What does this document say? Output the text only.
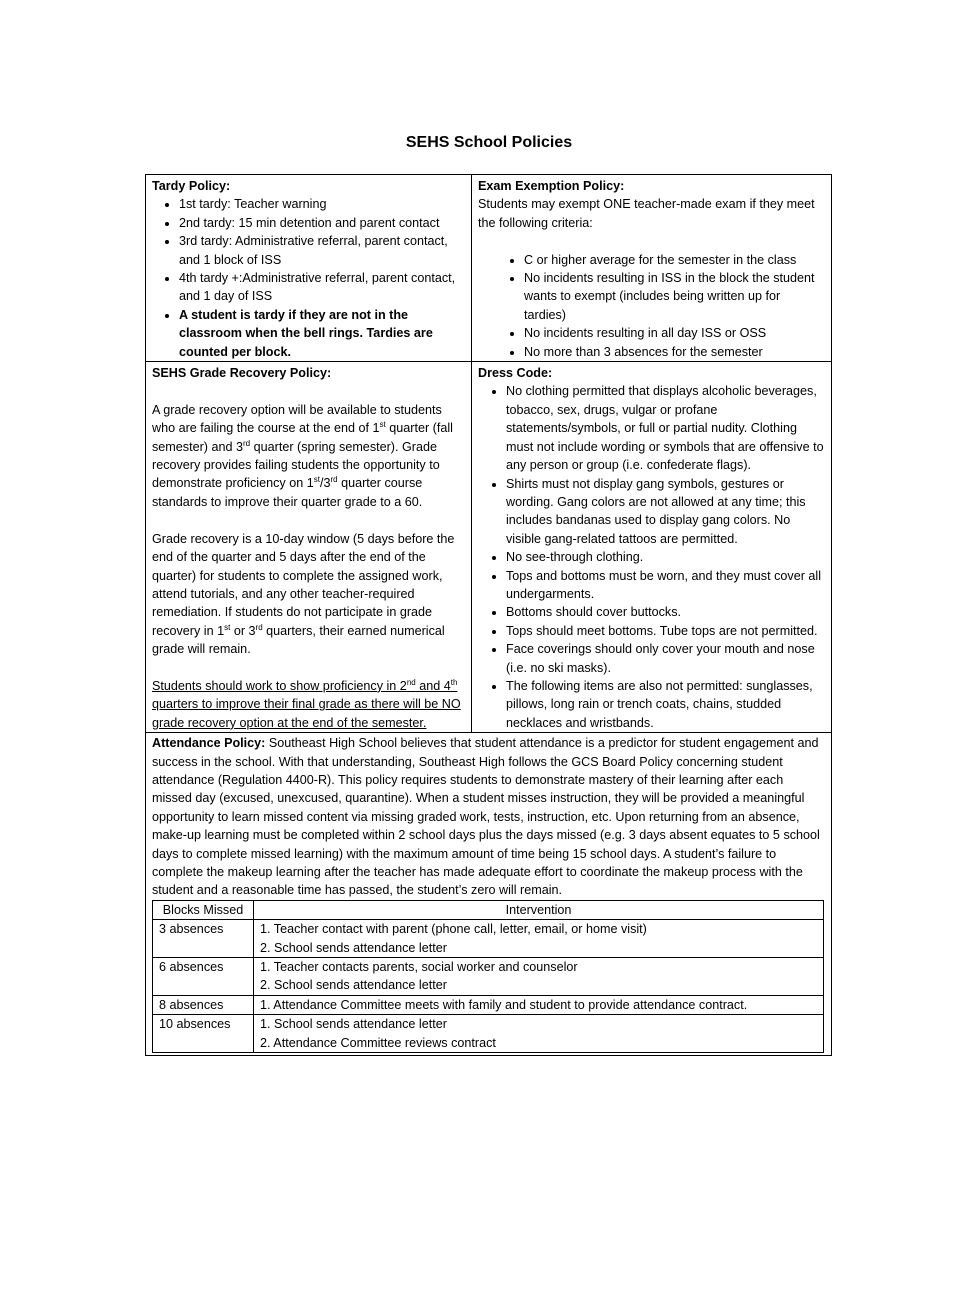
SEHS School Policies
Tardy Policy:
• 1st tardy: Teacher warning
• 2nd tardy: 15 min detention and parent contact
• 3rd tardy: Administrative referral, parent contact, and 1 block of ISS
• 4th tardy +:Administrative referral, parent contact, and 1 day of ISS
• A student is tardy if they are not in the classroom when the bell rings. Tardies are counted per block.
Exam Exemption Policy:
Students may exempt ONE teacher-made exam if they meet the following criteria:
• C or higher average for the semester in the class
• No incidents resulting in ISS in the block the student wants to exempt (includes being written up for tardies)
• No incidents resulting in all day ISS or OSS
• No more than 3 absences for the semester
SEHS Grade Recovery Policy:
A grade recovery option will be available to students who are failing the course at the end of 1st quarter (fall semester) and 3rd quarter (spring semester). Grade recovery provides failing students the opportunity to demonstrate proficiency on 1st/3rd quarter course standards to improve their quarter grade to a 60.
Grade recovery is a 10-day window (5 days before the end of the quarter and 5 days after the end of the quarter) for students to complete the assigned work, attend tutorials, and any other teacher-required remediation. If students do not participate in grade recovery in 1st or 3rd quarters, their earned numerical grade will remain.
Students should work to show proficiency in 2nd and 4th quarters to improve their final grade as there will be NO grade recovery option at the end of the semester.
Dress Code:
• No clothing permitted that displays alcoholic beverages, tobacco, sex, drugs, vulgar or profane statements/symbols, or full or partial nudity. Clothing must not include wording or symbols that are offensive to any person or group (i.e. confederate flags).
• Shirts must not display gang symbols, gestures or wording. Gang colors are not allowed at any time; this includes bandanas used to display gang colors. No visible gang-related tattoos are permitted.
• No see-through clothing.
• Tops and bottoms must be worn, and they must cover all undergarments.
• Bottoms should cover buttocks.
• Tops should meet bottoms. Tube tops are not permitted.
• Face coverings should only cover your mouth and nose (i.e. no ski masks).
• The following items are also not permitted: sunglasses, pillows, long rain or trench coats, chains, studded necklaces and wristbands.
Attendance Policy: Southeast High School believes that student attendance is a predictor for student engagement and success in the school. With that understanding, Southeast High follows the GCS Board Policy concerning student attendance (Regulation 4400-R). This policy requires students to demonstrate mastery of their learning after each missed day (excused, unexcused, quarantine). When a student misses instruction, they will be provided a meaningful opportunity to learn missed content via missing graded work, tests, instruction, etc. Upon returning from an absence, make-up learning must be completed within 2 school days plus the days missed (e.g. 3 days absent equates to 5 school days to complete missed learning) with the maximum amount of time being 15 school days. A student’s failure to complete the makeup learning after the teacher has made adequate effort to coordinate the makeup process with the student and a reasonable time has passed, the student’s zero will remain.
Blocks Missed	Intervention
3 absences	1. Teacher contact with parent (phone call, letter, email, or home visit)
2. School sends attendance letter

6 absences	1. Teacher contacts parents, social worker and counselor
2. School sends attendance letter

8 absences	1. Attendance Committee meets with family and student to provide attendance contract.

10 absences	1. School sends attendance letter
2. Attendance Committee reviews contract
